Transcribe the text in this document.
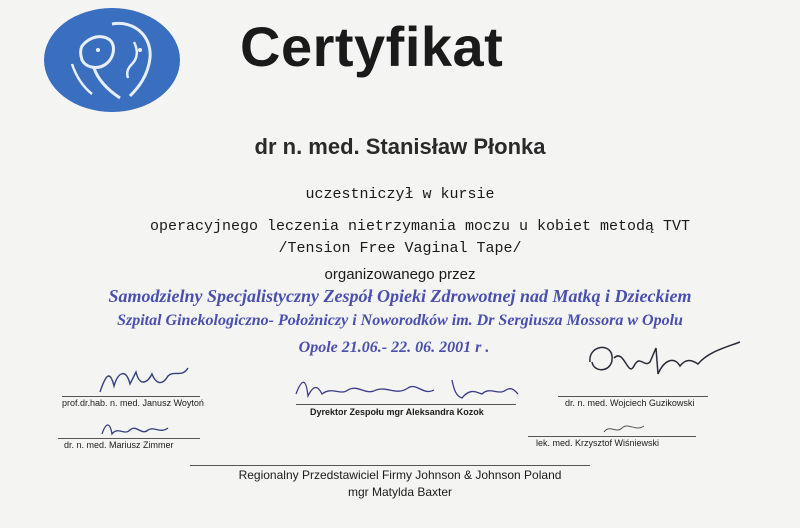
Certyfikat
dr n. med. Stanisław Płonka
uczestniczył w kursie
operacyjnego leczenia nietrzymania moczu u kobiet metodą TVT
/Tension Free Vaginal Tape/
organizowanego przez
Samodzielny Specjalistyczny Zespół Opieki Zdrowotnej nad Matką i Dzieckiem
Szpital Ginekologiczno- Położniczy i Noworodków im. Dr Sergiusza Mossora w Opolu
Opole 21.06.- 22. 06. 2001 r .
prof.dr.hab. n. med. Janusz Woytoń
dr. n. med. Mariusz Zimmer
Dyrektor Zespołu mgr Aleksandra Kozok
dr. n. med. Wojciech Guzikowski
lek. med. Krzysztof Wiśniewski
Regionalny Przedstawiciel Firmy Johnson & Johnson Poland
mgr Matylda Baxter
